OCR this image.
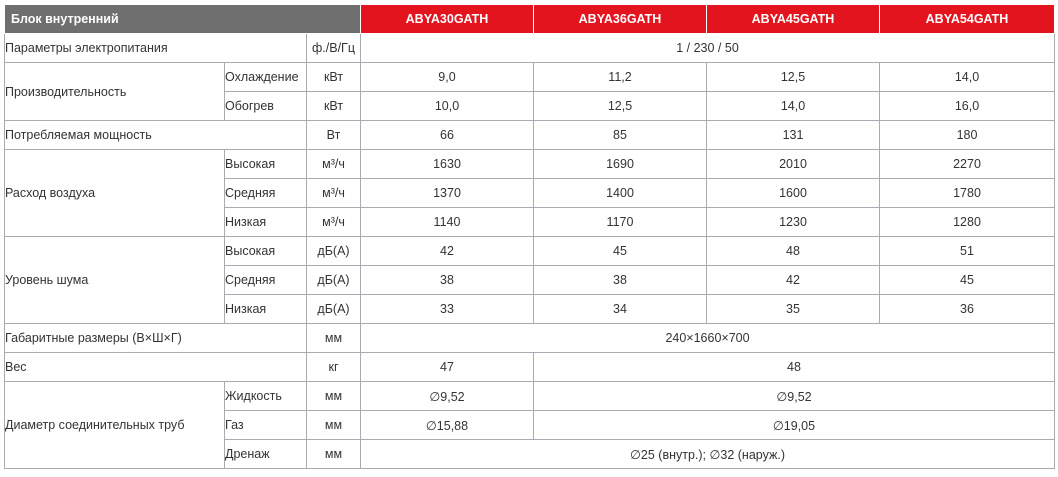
Блок внутренний			ABYA30GATH	ABYA36GATH	ABYA45GATH	ABYA54GATH
Параметры электропитания		ф./В/Гц	1 / 230 / 50			
Производительность	Охлаждение	кВт	9,0	11,2	12,5	14,0
	Обогрев	кВт	10,0	12,5	14,0	16,0
Потребляемая мощность		Вт	66	85	131	180
Расход воздуха	Высокая	м³/ч	1630	1690	2010	2270
	Средняя	м³/ч	1370	1400	1600	1780
	Низкая	м³/ч	1140	1170	1230	1280
Уровень шума	Высокая	дБ(А)	42	45	48	51
	Средняя	дБ(А)	38	38	42	45
	Низкая	дБ(А)	33	34	35	36
Габаритные размеры (В×Ш×Г)		мм	240×1660×700			
Вес		кг	47	48		
Диаметр соединительных труб	Жидкость	мм	∅9,52	∅9,52		
	Газ	мм	∅15,88	∅19,05		
	Дренаж	мм	∅25 (внутр.); ∅32 (наруж.)			
